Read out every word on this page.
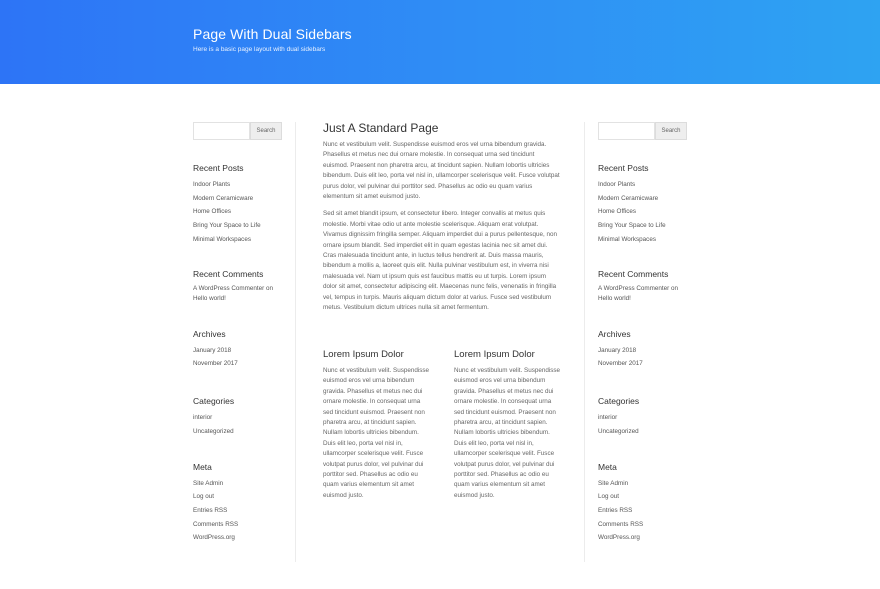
Page With Dual Sidebars

Here is a basic page layout with dual sidebars

Search
Recent Posts
Indoor Plants
Modern Ceramicware
Home Offices
Bring Your Space to Life
Minimal Workspaces
Recent Comments
A WordPress Commenter on Hello world!
Archives
January 2018
November 2017
Categories
interior
Uncategorized
Meta
Site Admin
Log out
Entries RSS
Comments RSS
WordPress.org
Just A Standard Page

Nunc et vestibulum velit. Suspendisse euismod eros vel urna bibendum gravida. Phasellus et metus nec dui ornare molestie. In consequat urna sed tincidunt euismod. Praesent non pharetra arcu, at tincidunt sapien. Nullam lobortis ultricies bibendum. Duis elit leo, porta vel nisl in, ullamcorper scelerisque velit. Fusce volutpat purus dolor, vel pulvinar dui porttitor sed. Phasellus ac odio eu quam varius elementum sit amet euismod justo.

Sed sit amet blandit ipsum, et consectetur libero. Integer convallis at metus quis molestie. Morbi vitae odio ut ante molestie scelerisque. Aliquam erat volutpat. Vivamus dignissim fringilla semper. Aliquam imperdiet dui a purus pellentesque, non ornare ipsum blandit. Sed imperdiet elit in quam egestas lacinia nec sit amet dui. Cras malesuada tincidunt ante, in luctus tellus hendrerit at. Duis massa mauris, bibendum a mollis a, laoreet quis elit. Nulla pulvinar vestibulum est, in viverra nisi malesuada vel. Nam ut ipsum quis est faucibus mattis eu ut turpis. Lorem ipsum dolor sit amet, consectetur adipiscing elit. Maecenas nunc felis, venenatis in fringilla vel, tempus in turpis. Mauris aliquam dictum dolor at varius. Fusce sed vestibulum metus. Vestibulum dictum ultrices nulla sit amet fermentum.

Lorem Ipsum Dolor

Nunc et vestibulum velit. Suspendisse euismod eros vel urna bibendum gravida. Phasellus et metus nec dui ornare molestie. In consequat urna sed tincidunt euismod. Praesent non pharetra arcu, at tincidunt sapien. Nullam lobortis ultricies bibendum. Duis elit leo, porta vel nisl in, ullamcorper scelerisque velit. Fusce volutpat purus dolor, vel pulvinar dui porttitor sed. Phasellus ac odio eu quam varius elementum sit amet euismod justo.

Lorem Ipsum Dolor

Nunc et vestibulum velit. Suspendisse euismod eros vel urna bibendum gravida. Phasellus et metus nec dui ornare molestie. In consequat urna sed tincidunt euismod. Praesent non pharetra arcu, at tincidunt sapien. Nullam lobortis ultricies bibendum. Duis elit leo, porta vel nisl in, ullamcorper scelerisque velit. Fusce volutpat purus dolor, vel pulvinar dui porttitor sed. Phasellus ac odio eu quam varius elementum sit amet euismod justo.

Search
Recent Posts
Indoor Plants
Modern Ceramicware
Home Offices
Bring Your Space to Life
Minimal Workspaces
Recent Comments
A WordPress Commenter on Hello world!
Archives
January 2018
November 2017
Categories
interior
Uncategorized
Meta
Site Admin
Log out
Entries RSS
Comments RSS
WordPress.org
